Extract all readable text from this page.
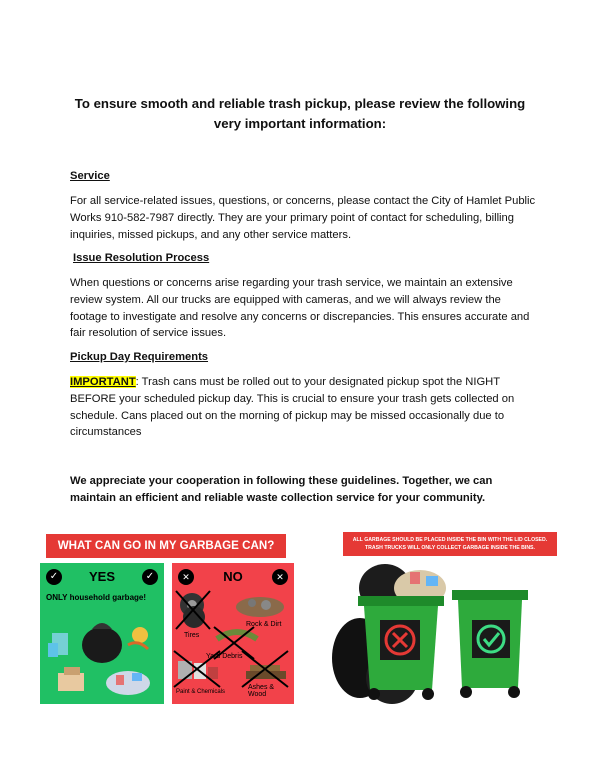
To ensure smooth and reliable trash pickup, please review the following very important information:
Service
For all service-related issues, questions, or concerns, please contact the City of Hamlet Public Works 910-582-7987 directly. They are your primary point of contact for scheduling, billing inquiries, missed pickups, and any other service matters.
Issue Resolution Process
When questions or concerns arise regarding your trash service, we maintain an extensive review system. All our trucks are equipped with cameras, and we will always review the footage to investigate and resolve any concerns or discrepancies. This ensures accurate and fair resolution of service issues.
Pickup Day Requirements
IMPORTANT: Trash cans must be rolled out to your designated pickup spot the NIGHT BEFORE your scheduled pickup day. This is crucial to ensure your trash gets collected on schedule. Cans placed out on the morning of pickup may be missed occasionally due to circumstances
We appreciate your cooperation in following these guidelines. Together, we can maintain an efficient and reliable waste collection service for your community.
WHAT CAN GO IN MY GARBAGE CAN?
✓	✓
YES
ONLY household garbage!
✕	✕
NO
Tires
Rock & Dirt
Yard Debris
Paint & Chemicals
Ashes & Wood
ALL GARBAGE SHOULD BE PLACED INSIDE THE BIN WITH THE LID CLOSED.
TRASH TRUCKS WILL ONLY COLLECT GARBAGE INSIDE THE BINS.
